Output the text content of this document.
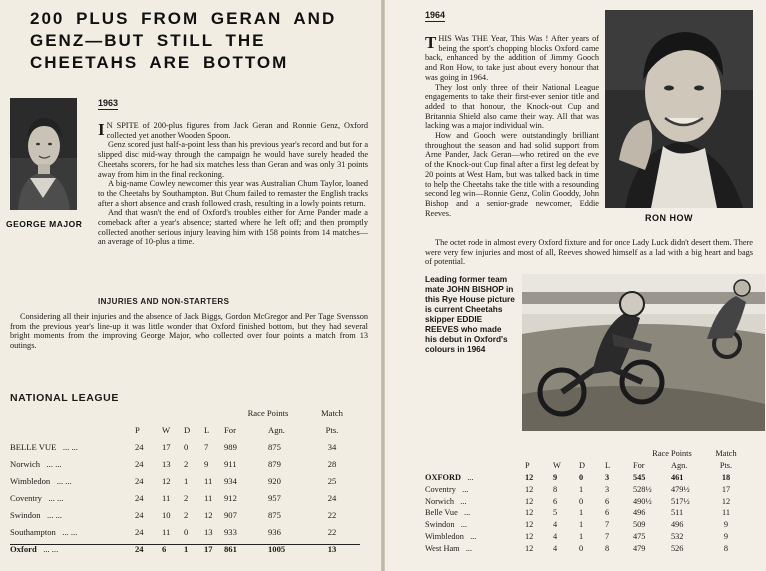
200 PLUS FROM GERAN AND GENZ—BUT STILL THE CHEETAHS ARE BOTTOM
GEORGE MAJOR
1963

I N SPITE of 200-plus figures from Jack Geran and Ronnie Genz, Oxford collected yet another Wooden Spoon.

Genz scored just half-a-point less than his previous year's record and but for a slipped disc mid-way through the campaign he would have surely headed the Cheetahs scorers, for he had six matches less than Geran and was only 31 points away from him in the final reckoning.

A big-name Cowley newcomer this year was Australian Chum Taylor, loaned to the Cheetahs by Southampton. But Chum failed to remaster the English tracks after a short absence and crash followed crash, resulting in a lowly points return.

And that wasn't the end of Oxford's troubles either for Arne Pander made a comeback after a year's absence; started where he left off; and then promptly collected another serious injury leaving him with 158 points from 14 matches—an average of 10-plus a time.

INJURIES AND NON-STARTERS

Considering all their injuries and the absence of Jack Biggs, Gordon McGregor and Per Tage Svensson from the previous year's line-up it was little wonder that Oxford finished bottom, but they had several bright moments from the improving George Major, who collected over four points a match from 13 outings.

NATIONAL LEAGUE
					Race Points		Match
	P	W	D	L	For	Agn.	Pts.
BELLE VUE ... ...	24	17	0	7	989	875	34
Norwich ... ...	24	13	2	9	911	879	28
Wimbledon ... ...	24	12	1	11	934	920	25
Coventry ... ...	24	11	2	11	912	957	24
Swindon ... ...	24	10	2	12	907	875	22
Southampton ... ...	24	11	0	13	933	936	22
Oxford ... ...	24	6	1	17	861	1005	13
1964

THIS Was THE Year, This Was ! After years of being the sport's chopping blocks Oxford came back, enhanced by the addition of Jimmy Gooch and Ron How, to take just about every honour that was going in 1964.

They lost only three of their National League engagements to take their first-ever senior title and added to that honour, the Knock-out Cup and Britannia Shield also came their way. All that was lacking was a major individual win.

How and Gooch were outstandingly brilliant throughout the season and had solid support from Arne Pander, Jack Geran—who retired on the eve of the Knock-out Cup final after a first leg defeat by 20 points at West Ham, but was talked back in time to help the Cheetahs take the title with a resounding second leg win—Ronnie Genz, Colin Gooddy, John Bishop and a senior-grade newcomer, Eddie Reeves.	RON HOW

The octet rode in almost every Oxford fixture and for once Lady Luck didn't desert them. There were very few injuries and most of all, Reeves showed himself as a lad with a big heart and bags of potential.

Leading former team mate JOHN BISHOP in this Rye House picture is current Cheetahs skipper EDDIE REEVES who made his debut in Oxford's colours in 1964
					Race Points		Match
	P	W	D	L	For	Agn.	Pts.
OXFORD ...	12	9	0	3	545	461	18
Coventry ...	12	8	1	3	528½	479½	17
Norwich ...	12	6	0	6	490½	517½	12
Belle Vue ...	12	5	1	6	496	511	11
Swindon ...	12	4	1	7	509	496	9
Wimbledon ...	12	4	1	7	475	532	9
West Ham ...	12	4	0	8	479	526	8
